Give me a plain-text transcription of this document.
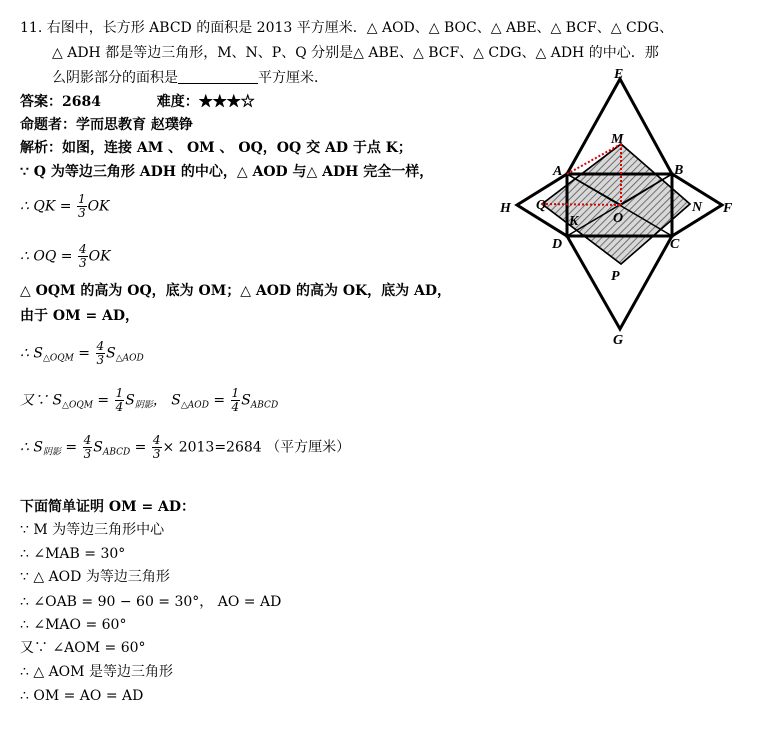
11. 右图中，长方形 ABCD 的面积是 2013 平方厘米．△ AOD、△ BOC、△ ABE、△ BCF、△ CDG、
△ ADH 都是等边三角形，M、N、P、Q 分别是△ ABE、△ BCF、△ CDG、△ ADH 的中心．那
么阴影部分的面积是	平方厘米．
答案：2684	难度：★★★☆
命题者：学而思教育 赵璞铮
解析：如图，连接 AM 、 OM 、 OQ，OQ 交 AD 于点 K；
∵ Q 为等边三角形 ADH 的中心，△ AOD 与△ ADH 完全一样，
∴ QK = $\frac{1}{3}$ OK
∴ OQ = $\frac{4}{3}$ OK
△ OQM 的高为 OQ，底为 OM；△ AOD 的高为 OK，底为 AD，
由于 OM = AD，
∴ $S_{\triangle OQM} = \frac{4}{3} S_{\triangle AOD}$
又∵ $S_{\triangle OQM} = \frac{1}{4} S_{阴影}$， $S_{\triangle AOD} = \frac{1}{4} S_{ABCD}$
∴ $S_{阴影} = \frac{4}{3} S_{ABCD} = \frac{4}{3} \times 2013=2684$ （平方厘米）
下面简单证明 OM = AD：
∵ M 为等边三角形中心
∴ ∠MAB = 30°
∵ △ AOD 为等边三角形
∴ ∠OAB = 90 − 60 = 30°， AO = AD
∴ ∠MAO = 60°
又∵ ∠AOM = 60°
∴ △ AOM 是等边三角形
∴ OM = AO = AD
E
M
A	B
H Q
K O
N F
D	C
P
G
